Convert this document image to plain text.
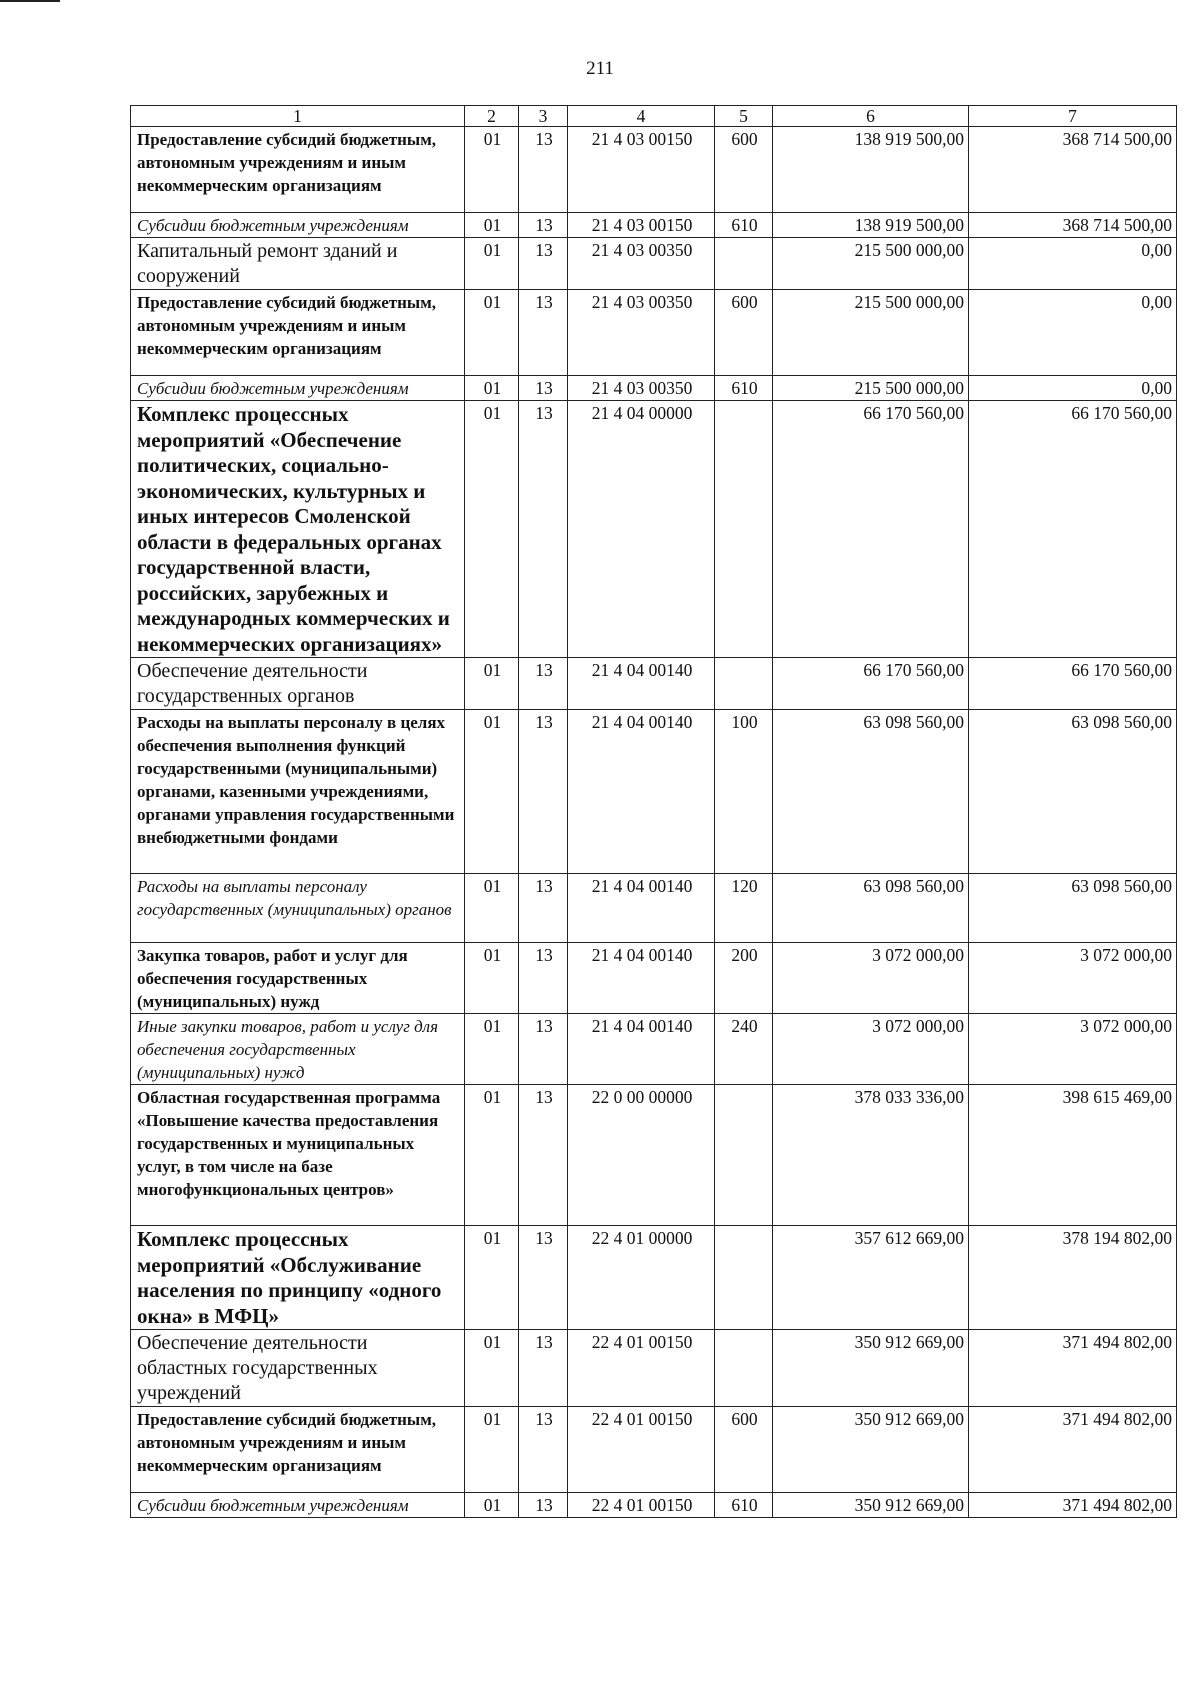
211
1	2	3	4	5	6	7
Предоставление субсидий бюджетным, автономным учреждениям и иным некоммерческим организациям	01	13	21 4 03 00150	600	138 919 500,00	368 714 500,00
Субсидии бюджетным учреждениям	01	13	21 4 03 00150	610	138 919 500,00	368 714 500,00
Капитальный ремонт зданий и сооружений	01	13	21 4 03 00350		215 500 000,00	0,00
Предоставление субсидий бюджетным, автономным учреждениям и иным некоммерческим организациям	01	13	21 4 03 00350	600	215 500 000,00	0,00
Субсидии бюджетным учреждениям	01	13	21 4 03 00350	610	215 500 000,00	0,00
Комплекс процессных мероприятий «Обеспечение политических, социально-экономических, культурных и иных интересов Смоленской области в федеральных органах государственной власти, российских, зарубежных и международных коммерческих и некоммерческих организациях»	01	13	21 4 04 00000		66 170 560,00	66 170 560,00
Обеспечение деятельности государственных органов	01	13	21 4 04 00140		66 170 560,00	66 170 560,00
Расходы на выплаты персоналу в целях обеспечения выполнения функций государственными (муниципальными) органами, казенными учреждениями, органами управления государственными внебюджетными фондами	01	13	21 4 04 00140	100	63 098 560,00	63 098 560,00
Расходы на выплаты персоналу государственных (муниципальных) органов	01	13	21 4 04 00140	120	63 098 560,00	63 098 560,00
Закупка товаров, работ и услуг для обеспечения государственных (муниципальных) нужд	01	13	21 4 04 00140	200	3 072 000,00	3 072 000,00
Иные закупки товаров, работ и услуг для обеспечения государственных (муниципальных) нужд	01	13	21 4 04 00140	240	3 072 000,00	3 072 000,00
Областная государственная программа «Повышение качества предоставления государственных и муниципальных услуг, в том числе на базе многофункциональных центров»	01	13	22 0 00 00000		378 033 336,00	398 615 469,00
Комплекс процессных мероприятий «Обслуживание населения по принципу «одного окна» в МФЦ»	01	13	22 4 01 00000		357 612 669,00	378 194 802,00
Обеспечение деятельности областных государственных учреждений	01	13	22 4 01 00150		350 912 669,00	371 494 802,00
Предоставление субсидий бюджетным, автономным учреждениям и иным некоммерческим организациям	01	13	22 4 01 00150	600	350 912 669,00	371 494 802,00
Субсидии бюджетным учреждениям	01	13	22 4 01 00150	610	350 912 669,00	371 494 802,00
